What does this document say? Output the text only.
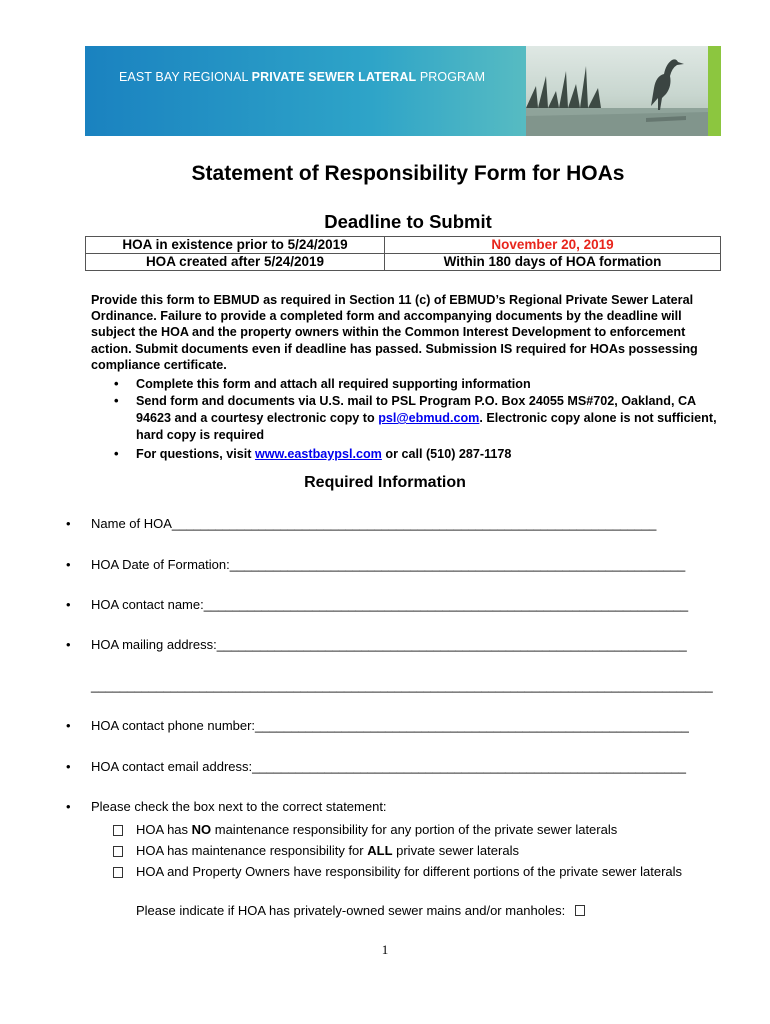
EAST BAY REGIONAL PRIVATE SEWER LATERAL PROGRAM
Statement of Responsibility Form for HOAs
Deadline to Submit
HOA in existence prior to 5/24/2019	November 20, 2019
HOA created after 5/24/2019	Within 180 days of HOA formation
Provide this form to EBMUD as required in Section 11 (c) of EBMUD’s Regional Private Sewer Lateral Ordinance. Failure to provide a completed form and accompanying documents by the deadline will subject the HOA and the property owners within the Common Interest Development to enforcement action. Submit documents even if deadline has passed. Submission IS required for HOAs possessing compliance certificate.
• Complete this form and attach all required supporting information
• Send form and documents via U.S. mail to PSL Program P.O. Box 24055 MS#702, Oakland, CA 94623 and a courtesy electronic copy to psl@ebmud.com. Electronic copy alone is not sufficient, hard copy is required
• For questions, visit www.eastbaypsl.com or call (510) 287-1178
Required Information
• Name of HOA___________________________________________________________________
• HOA Date of Formation:_______________________________________________________________
• HOA contact name:___________________________________________________________________
• HOA mailing address:_________________________________________________________________
______________________________________________________________________________________
• HOA contact phone number:____________________________________________________________
• HOA contact email address:____________________________________________________________
• Please check the box next to the correct statement:
HOA has NO maintenance responsibility for any portion of the private sewer laterals
HOA has maintenance responsibility for ALL private sewer laterals
HOA and Property Owners have responsibility for different portions of the private sewer laterals
Please indicate if HOA has privately-owned sewer mains and/or manholes:
1
